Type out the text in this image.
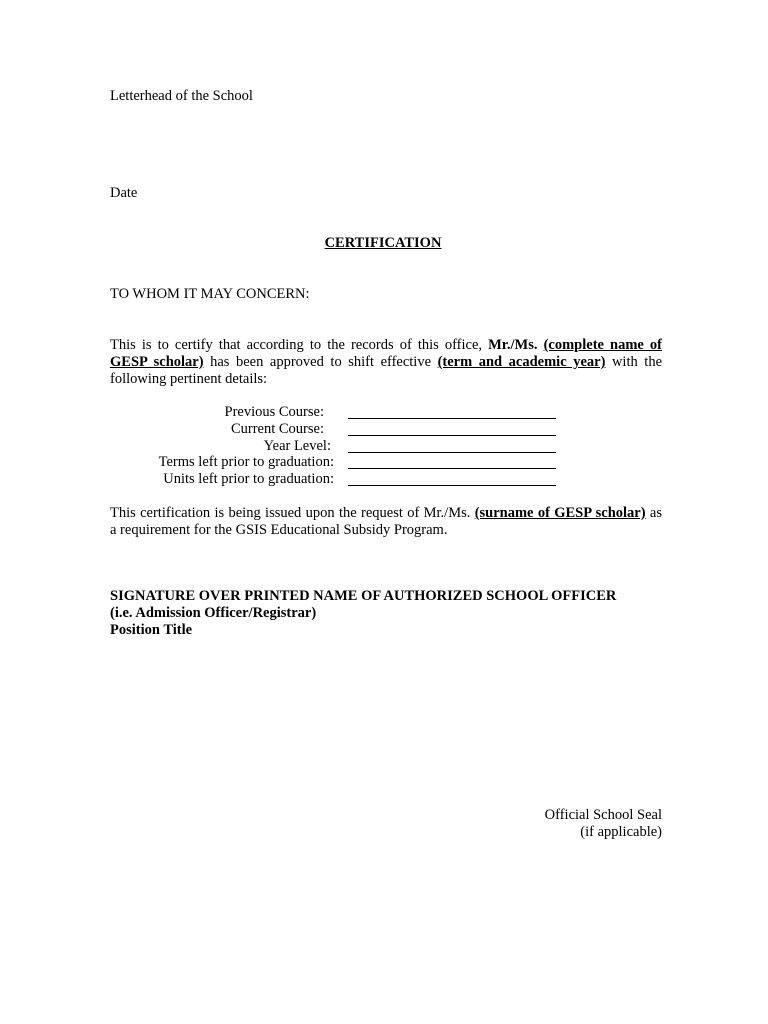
Letterhead of the School
Date
CERTIFICATION
TO WHOM IT MAY CONCERN:
This is to certify that according to the records of this office, Mr./Ms. (complete name of GESP scholar) has been approved to shift effective (term and academic year) with the following pertinent details:
Previous Course:
Current Course:
Year Level:
Terms left prior to graduation:
Units left prior to graduation:
This certification is being issued upon the request of Mr./Ms. (surname of GESP scholar) as a requirement for the GSIS Educational Subsidy Program.
SIGNATURE OVER PRINTED NAME OF AUTHORIZED SCHOOL OFFICER
(i.e. Admission Officer/Registrar)
Position Title
Official School Seal
(if applicable)
